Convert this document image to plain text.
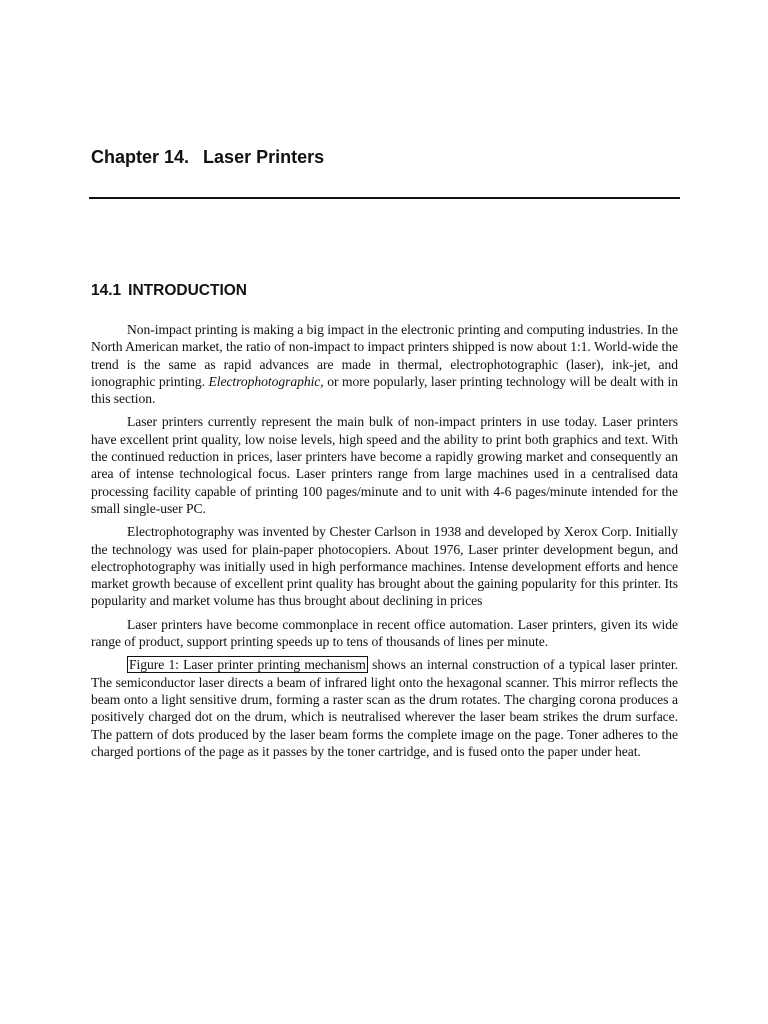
Chapter 14. Laser Printers
14.1 INTRODUCTION

Non-impact printing is making a big impact in the electronic printing and computing industries. In the North American market, the ratio of non-impact to impact printers shipped is now about 1:1. World-wide the trend is the same as rapid advances are made in thermal, electrophotographic (laser), ink-jet, and ionographic printing. Electrophotographic, or more popularly, laser printing technology will be dealt with in this section.

Laser printers currently represent the main bulk of non-impact printers in use today. Laser printers have excellent print quality, low noise levels, high speed and the ability to print both graphics and text. With the continued reduction in prices, laser printers have become a rapidly growing market and consequently an area of intense technological focus. Laser printers range from large machines used in a centralised data processing facility capable of printing 100 pages/minute and to unit with 4-6 pages/minute intended for the small single-user PC.

Electrophotography was invented by Chester Carlson in 1938 and developed by Xerox Corp. Initially the technology was used for plain-paper photocopiers. About 1976, Laser printer development begun, and electrophotography was initially used in high performance machines. Intense development efforts and hence market growth because of excellent print quality has brought about the gaining popularity for this printer. Its popularity and market volume has thus brought about declining in prices

Laser printers have become commonplace in recent office automation. Laser printers, given its wide range of product, support printing speeds up to tens of thousands of lines per minute.

Figure 1: Laser printer printing mechanism shows an internal construction of a typical laser printer. The semiconductor laser directs a beam of infrared light onto the hexagonal scanner. This mirror reflects the beam onto a light sensitive drum, forming a raster scan as the drum rotates. The charging corona produces a positively charged dot on the drum, which is neutralised wherever the laser beam strikes the drum surface. The pattern of dots produced by the laser beam forms the complete image on the page. Toner adheres to the charged portions of the page as it passes by the toner cartridge, and is fused onto the paper under heat.
